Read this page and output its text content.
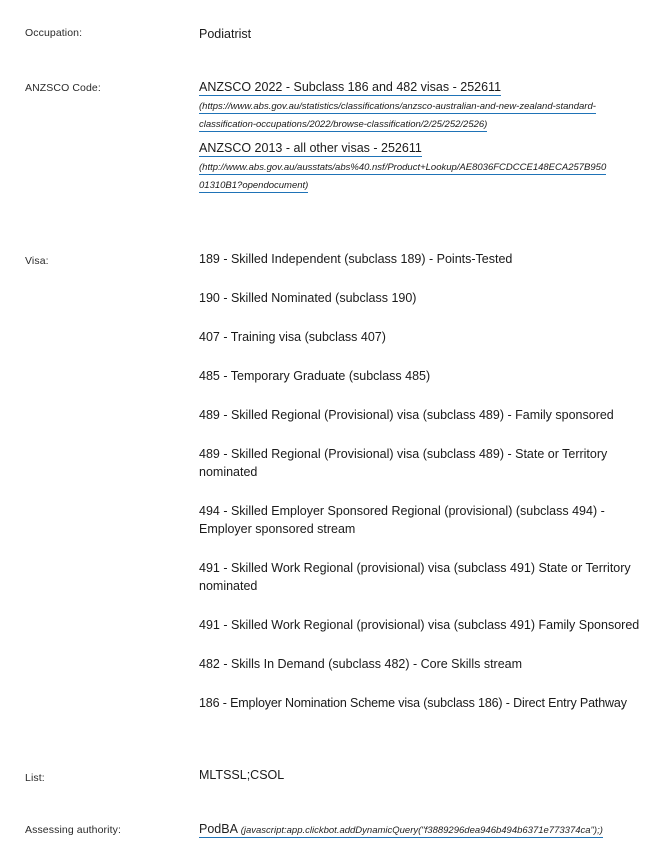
Occupation:	Podiatrist
ANZSCO Code:	ANZSCO 2022 - Subclass 186 and 482 visas - 252611
(https://www.abs.gov.au/statistics/classifications/anzsco-australian-and-new-zealand-standard-
classification-occupations/2022/browse-classification/2/25/252/2526)
ANZSCO 2013 - all other visas - 252611
(http://www.abs.gov.au/ausstats/abs%40.nsf/Product+Lookup/AE8036FCDCCE148ECA257B950
01310B1?opendocument)
Visa:	189 - Skilled Independent (subclass 189) - Points-Tested
190 - Skilled Nominated (subclass 190)
407 - Training visa (subclass 407)
485 - Temporary Graduate (subclass 485)
489 - Skilled Regional (Provisional) visa (subclass 489) - Family sponsored
489 - Skilled Regional (Provisional) visa (subclass 489) - State or Territory nominated
494 - Skilled Employer Sponsored Regional (provisional) (subclass 494) - Employer sponsored stream
491 - Skilled Work Regional (provisional) visa (subclass 491) State or Territory nominated
491 - Skilled Work Regional (provisional) visa (subclass 491) Family Sponsored
482 - Skills In Demand (subclass 482) - Core Skills stream
186 - Employer Nomination Scheme visa (subclass 186) - Direct Entry Pathway
List:	MLTSSL;CSOL
Assessing authority:	PodBA (javascript:app.clickbot.addDynamicQuery("f3889296dea946b494b6371e773374ca");)
